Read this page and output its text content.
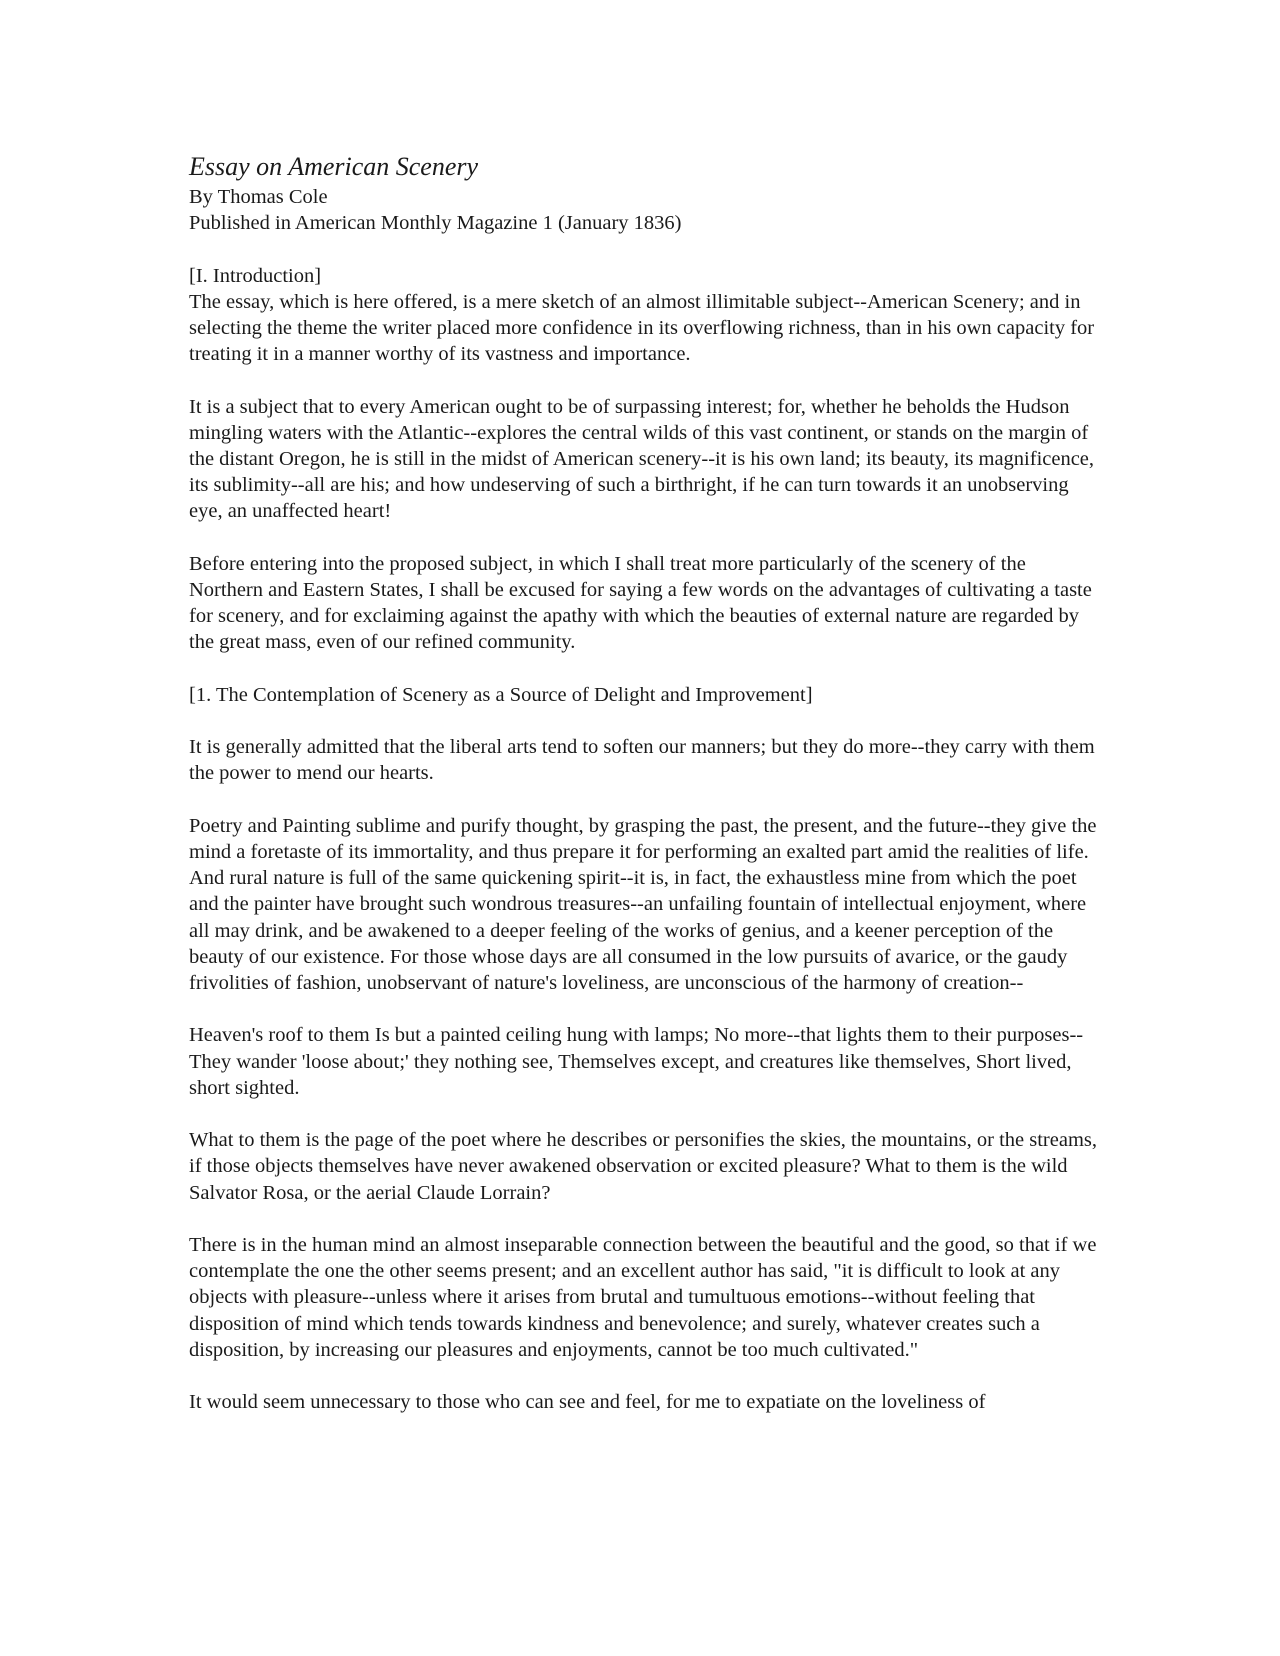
Essay on American Scenery

By Thomas Cole

Published in American Monthly Magazine 1 (January 1836)

[I. Introduction]

The essay, which is here offered, is a mere sketch of an almost illimitable subject--American Scenery; and in selecting the theme the writer placed more confidence in its overflowing richness, than in his own capacity for treating it in a manner worthy of its vastness and importance.

It is a subject that to every American ought to be of surpassing interest; for, whether he beholds the Hudson mingling waters with the Atlantic--explores the central wilds of this vast continent, or stands on the margin of the distant Oregon, he is still in the midst of American scenery--it is his own land; its beauty, its magnificence, its sublimity--all are his; and how undeserving of such a birthright, if he can turn towards it an unobserving eye, an unaffected heart!

Before entering into the proposed subject, in which I shall treat more particularly of the scenery of the Northern and Eastern States, I shall be excused for saying a few words on the advantages of cultivating a taste for scenery, and for exclaiming against the apathy with which the beauties of external nature are regarded by the great mass, even of our refined community.

[1. The Contemplation of Scenery as a Source of Delight and Improvement]

It is generally admitted that the liberal arts tend to soften our manners; but they do more--they carry with them the power to mend our hearts.

Poetry and Painting sublime and purify thought, by grasping the past, the present, and the future--they give the mind a foretaste of its immortality, and thus prepare it for performing an exalted part amid the realities of life. And rural nature is full of the same quickening spirit--it is, in fact, the exhaustless mine from which the poet and the painter have brought such wondrous treasures--an unfailing fountain of intellectual enjoyment, where all may drink, and be awakened to a deeper feeling of the works of genius, and a keener perception of the beauty of our existence. For those whose days are all consumed in the low pursuits of avarice, or the gaudy frivolities of fashion, unobservant of nature's loveliness, are unconscious of the harmony of creation--

Heaven's roof to them Is but a painted ceiling hung with lamps; No more--that lights them to their purposes-- They wander 'loose about;' they nothing see, Themselves except, and creatures like themselves, Short lived, short sighted.

What to them is the page of the poet where he describes or personifies the skies, the mountains, or the streams, if those objects themselves have never awakened observation or excited pleasure? What to them is the wild Salvator Rosa, or the aerial Claude Lorrain?

There is in the human mind an almost inseparable connection between the beautiful and the good, so that if we contemplate the one the other seems present; and an excellent author has said, "it is difficult to look at any objects with pleasure--unless where it arises from brutal and tumultuous emotions--without feeling that disposition of mind which tends towards kindness and benevolence; and surely, whatever creates such a disposition, by increasing our pleasures and enjoyments, cannot be too much cultivated."

It would seem unnecessary to those who can see and feel, for me to expatiate on the loveliness of
